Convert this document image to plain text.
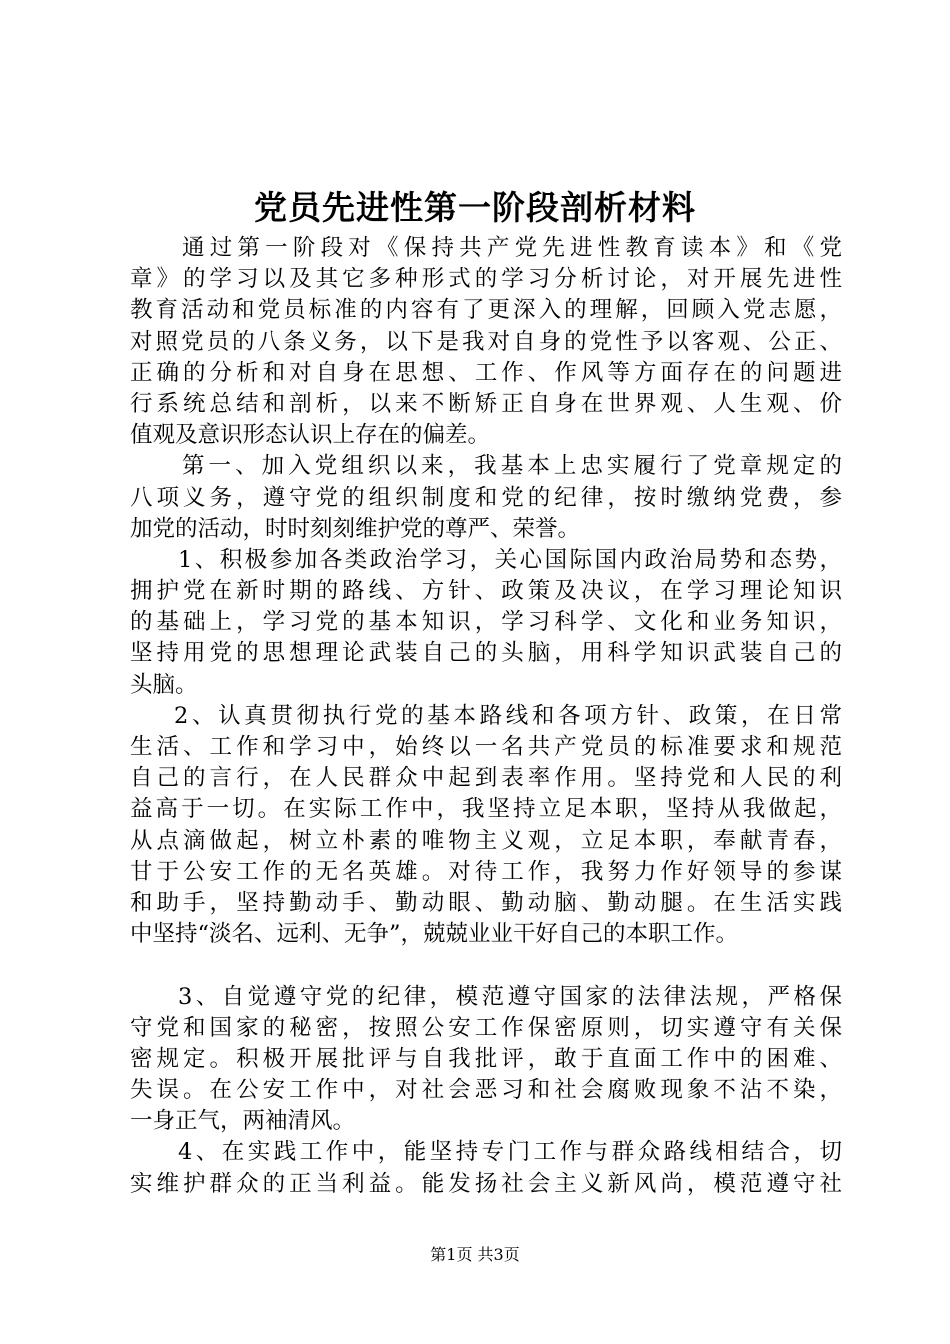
党员先进性第一阶段剖析材料
通过第一阶段对《保持共产党先进性教育读本》和《党
章》的学习以及其它多种形式的学习分析讨论，对开展先进性
教育活动和党员标准的内容有了更深入的理解，回顾入党志愿，
对照党员的八条义务，以下是我对自身的党性予以客观、公正、
正确的分析和对自身在思想、工作、作风等方面存在的问题进
行系统总结和剖析，以来不断矫正自身在世界观、人生观、价
值观及意识形态认识上存在的偏差。
第一、加入党组织以来，我基本上忠实履行了党章规定的
八项义务，遵守党的组织制度和党的纪律，按时缴纳党费，参
加党的活动，时时刻刻维护党的尊严、荣誉。
1、积极参加各类政治学习，关心国际国内政治局势和态势，
拥护党在新时期的路线、方针、政策及决议，在学习理论知识
的基础上，学习党的基本知识，学习科学、文化和业务知识，
坚持用党的思想理论武装自己的头脑，用科学知识武装自己的
头脑。
2、认真贯彻执行党的基本路线和各项方针、政策，在日常
生活、工作和学习中，始终以一名共产党员的标准要求和规范
自己的言行，在人民群众中起到表率作用。坚持党和人民的利
益高于一切。在实际工作中，我坚持立足本职，坚持从我做起，
从点滴做起，树立朴素的唯物主义观，立足本职，奉献青春，
甘于公安工作的无名英雄。对待工作，我努力作好领导的参谋
和助手，坚持勤动手、勤动眼、勤动脑、勤动腿。在生活实践
中坚持“淡名、远利、无争”，兢兢业业干好自己的本职工作。
3、自觉遵守党的纪律，模范遵守国家的法律法规，严格保
守党和国家的秘密，按照公安工作保密原则，切实遵守有关保
密规定。积极开展批评与自我批评，敢于直面工作中的困难、
失误。在公安工作中，对社会恶习和社会腐败现象不沾不染，
一身正气，两袖清风。
4、在实践工作中，能坚持专门工作与群众路线相结合，切
实维护群众的正当利益。能发扬社会主义新风尚，模范遵守社
第1页 共3页
